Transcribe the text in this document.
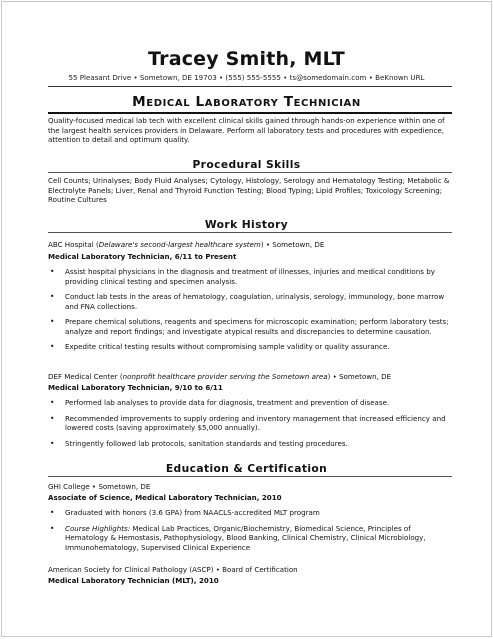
Tracey Smith, MLT
55 Pleasant Drive • Sometown, DE 19703 • (555) 555-5555 • ts@somedomain.com • BeKnown URL
Medical Laboratory Technician
Quality-focused medical lab tech with excellent clinical skills gained through hands-on experience within one of the largest health services providers in Delaware. Perform all laboratory tests and procedures with expedience, attention to detail and optimum quality.
Procedural Skills
Cell Counts; Urinalyses; Body Fluid Analyses; Cytology, Histology, Serology and Hematology Testing; Metabolic & Electrolyte Panels; Liver, Renal and Thyroid Function Testing; Blood Typing; Lipid Profiles; Toxicology Screening; Routine Cultures
Work History
ABC Hospital (Delaware's second-largest healthcare system) • Sometown, DE
Medical Laboratory Technician, 6/11 to Present
• Assist hospital physicians in the diagnosis and treatment of illnesses, injuries and medical conditions by providing clinical testing and specimen analysis.
• Conduct lab tests in the areas of hematology, coagulation, urinalysis, serology, immunology, bone marrow and FNA collections.
• Prepare chemical solutions, reagents and specimens for microscopic examination; perform laboratory tests; analyze and report findings; and investigate atypical results and discrepancies to determine causation.
• Expedite critical testing results without compromising sample validity or quality assurance.
DEF Medical Center (nonprofit healthcare provider serving the Sometown area) • Sometown, DE
Medical Laboratory Technician, 9/10 to 6/11
• Performed lab analyses to provide data for diagnosis, treatment and prevention of disease.
• Recommended improvements to supply ordering and inventory management that increased efficiency and lowered costs (saving approximately $5,000 annually).
• Stringently followed lab protocols, sanitation standards and testing procedures.
Education & Certification
GHI College • Sometown, DE
Associate of Science, Medical Laboratory Technician, 2010
• Graduated with honors (3.6 GPA) from NAACLS-accredited MLT program
• Course Highlights: Medical Lab Practices, Organic/Biochemistry, Biomedical Science, Principles of Hematology & Hemostasis, Pathophysiology, Blood Banking, Clinical Chemistry, Clinical Microbiology, Immunohematology, Supervised Clinical Experience
American Society for Clinical Pathology (ASCP) • Board of Certification
Medical Laboratory Technician (MLT), 2010
